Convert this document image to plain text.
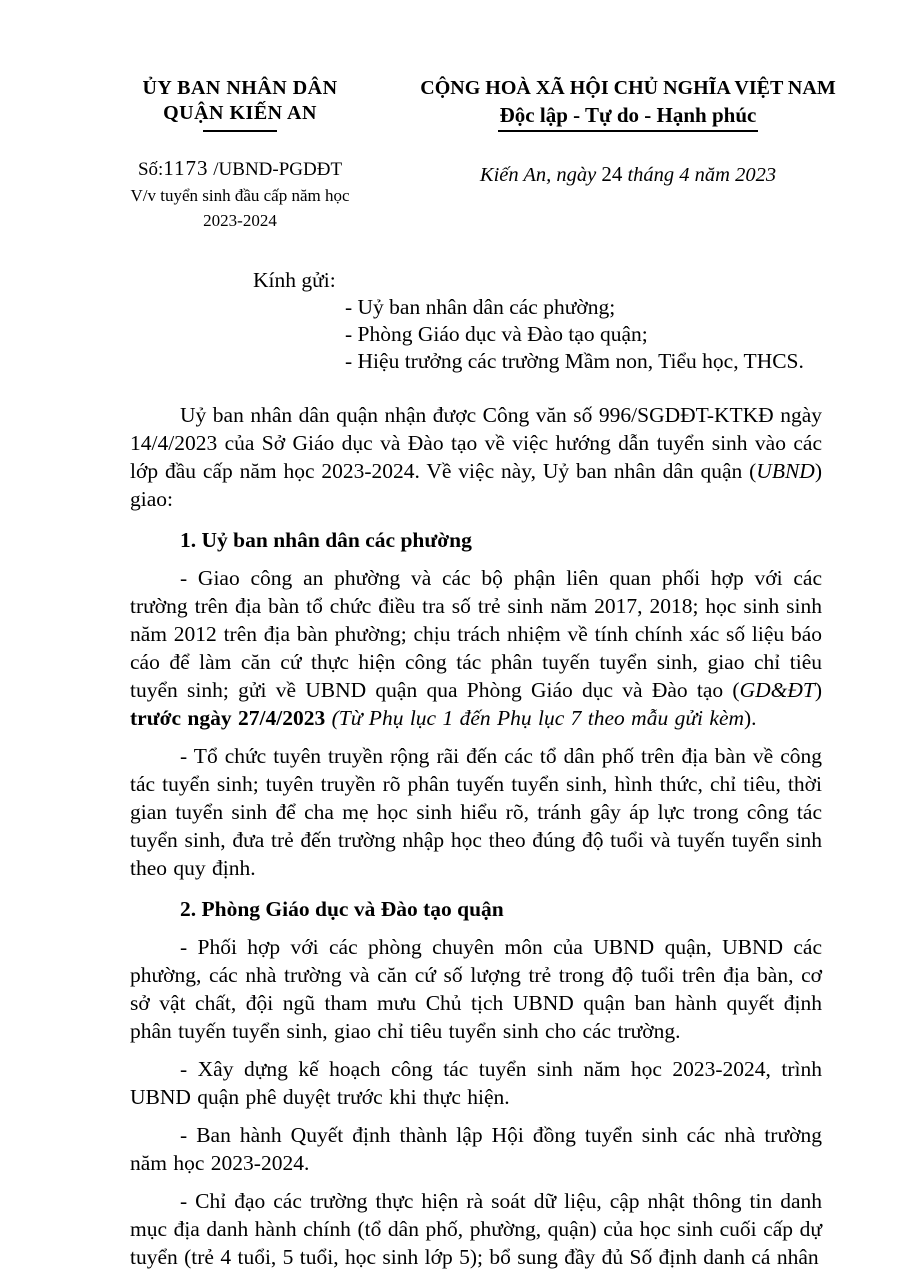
ỦY BAN NHÂN DÂN
QUẬN KIẾN AN
CỘNG HOÀ XÃ HỘI CHỦ NGHĨA VIỆT NAM
Độc lập - Tự do - Hạnh phúc
Số:1173 /UBND-PGDĐT
V/v tuyển sinh đầu cấp năm học
2023-2024
Kiến An, ngày 24 tháng 4 năm 2023
Kính gửi:
- Uỷ ban nhân dân các phường;
- Phòng Giáo dục và Đào tạo quận;
- Hiệu trưởng các trường Mầm non, Tiểu học, THCS.

Uỷ ban nhân dân quận nhận được Công văn số 996/SGDĐT-KTKĐ ngày 14/4/2023 của Sở Giáo dục và Đào tạo về việc hướng dẫn tuyển sinh vào các lớp đầu cấp năm học 2023-2024. Về việc này, Uỷ ban nhân dân quận (UBND) giao:

1. Uỷ ban nhân dân các phường

- Giao công an phường và các bộ phận liên quan phối hợp với các trường trên địa bàn tổ chức điều tra số trẻ sinh năm 2017, 2018; học sinh sinh năm 2012 trên địa bàn phường; chịu trách nhiệm về tính chính xác số liệu báo cáo để làm căn cứ thực hiện công tác phân tuyến tuyển sinh, giao chỉ tiêu tuyển sinh; gửi về UBND quận qua Phòng Giáo dục và Đào tạo (GD&ĐT) trước ngày 27/4/2023 (Từ Phụ lục 1 đến Phụ lục 7 theo mẫu gửi kèm).

- Tổ chức tuyên truyền rộng rãi đến các tổ dân phố trên địa bàn về công tác tuyển sinh; tuyên truyền rõ phân tuyến tuyển sinh, hình thức, chỉ tiêu, thời gian tuyển sinh để cha mẹ học sinh hiểu rõ, tránh gây áp lực trong công tác tuyển sinh, đưa trẻ đến trường nhập học theo đúng độ tuổi và tuyến tuyển sinh theo quy định.

2. Phòng Giáo dục và Đào tạo quận

- Phối hợp với các phòng chuyên môn của UBND quận, UBND các phường, các nhà trường và căn cứ số lượng trẻ trong độ tuổi trên địa bàn, cơ sở vật chất, đội ngũ tham mưu Chủ tịch UBND quận ban hành quyết định phân tuyến tuyển sinh, giao chỉ tiêu tuyển sinh cho các trường.

- Xây dựng kế hoạch công tác tuyển sinh năm học 2023-2024, trình UBND quận phê duyệt trước khi thực hiện.

- Ban hành Quyết định thành lập Hội đồng tuyển sinh các nhà trường năm học 2023-2024.

- Chỉ đạo các trường thực hiện rà soát dữ liệu, cập nhật thông tin danh mục địa danh hành chính (tổ dân phố, phường, quận) của học sinh cuối cấp dự tuyển (trẻ 4 tuổi, 5 tuổi, học sinh lớp 5); bổ sung đầy đủ Số định danh cá nhân
